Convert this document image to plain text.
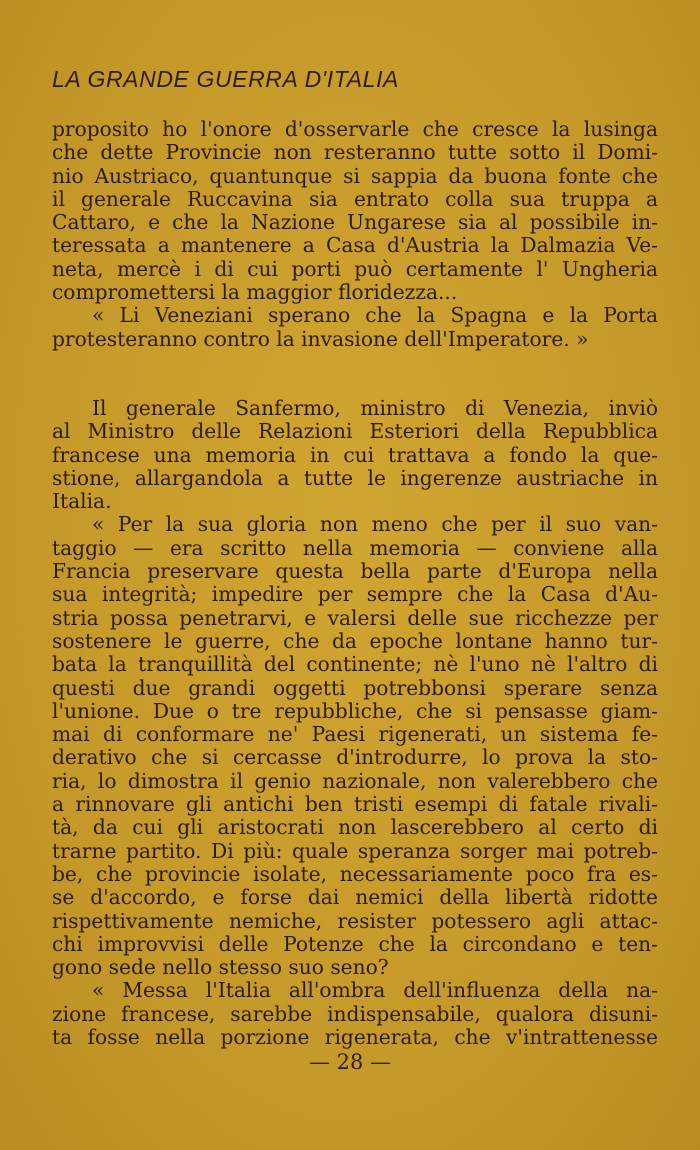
LA GRANDE GUERRA D'ITALIA
proposito ho l'onore d'osservarle che cresce la lusinga
che dette Provincie non resteranno tutte sotto il Domi-
nio Austriaco, quantunque si sappia da buona fonte che
il generale Ruccavina sia entrato colla sua truppa a
Cattaro, e che la Nazione Ungarese sia al possibile in-
teressata a mantenere a Casa d'Austria la Dalmazia Ve-
neta, mercè i di cui porti può certamente l' Ungheria
compromettersi la maggior floridezza...
« Li Veneziani sperano che la Spagna e la Porta
protesteranno contro la invasione dell'Imperatore. »
Il generale Sanfermo, ministro di Venezia, inviò
al Ministro delle Relazioni Esteriori della Repubblica
francese una memoria in cui trattava a fondo la que-
stione, allargandola a tutte le ingerenze austriache in
Italia.
« Per la sua gloria non meno che per il suo van-
taggio — era scritto nella memoria — conviene alla
Francia preservare questa bella parte d'Europa nella
sua integrità; impedire per sempre che la Casa d'Au-
stria possa penetrarvi, e valersi delle sue ricchezze per
sostenere le guerre, che da epoche lontane hanno tur-
bata la tranquillità del continente; nè l'uno nè l'altro di
questi due grandi oggetti potrebbonsi sperare senza
l'unione. Due o tre repubbliche, che si pensasse giam-
mai di conformare ne' Paesi rigenerati, un sistema fe-
derativo che si cercasse d'introdurre, lo prova la sto-
ria, lo dimostra il genio nazionale, non valerebbero che
a rinnovare gli antichi ben tristi esempi di fatale rivali-
tà, da cui gli aristocrati non lascerebbero al certo di
trarne partito. Di più: quale speranza sorger mai potreb-
be, che provincie isolate, necessariamente poco fra es-
se d'accordo, e forse dai nemici della libertà ridotte
rispettivamente nemiche, resister potessero agli attac-
chi improvvisi delle Potenze che la circondano e ten-
gono sede nello stesso suo seno?
« Messa l'Italia all'ombra dell'influenza della na-
zione francese, sarebbe indispensabile, qualora disuni-
ta fosse nella porzione rigenerata, che v'intrattenesse
— 28 —
